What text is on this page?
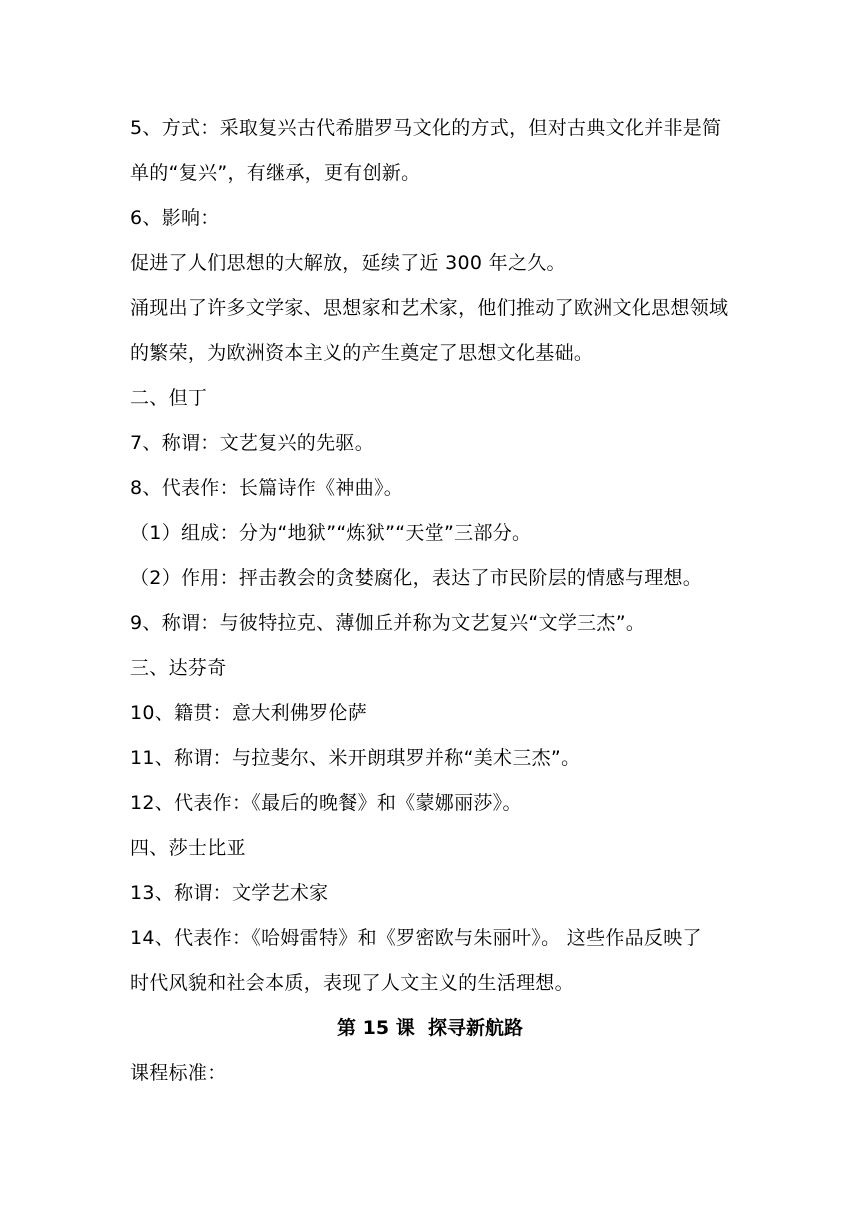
5、方式：采取复兴古代希腊罗马文化的方式，但对古典文化并非是简
单的“复兴”，有继承，更有创新。
6、影响：
促进了人们思想的大解放，延续了近 300 年之久。
涌现出了许多文学家、思想家和艺术家，他们推动了欧洲文化思想领域
的繁荣，为欧洲资本主义的产生奠定了思想文化基础。
二、但丁
7、称谓：文艺复兴的先驱。
8、代表作：长篇诗作《神曲》。
（1）组成：分为“地狱”“炼狱”“天堂”三部分。
（2）作用：抨击教会的贪婪腐化，表达了市民阶层的情感与理想。
9、称谓：与彼特拉克、薄伽丘并称为文艺复兴“文学三杰”。
三、达芬奇
10、籍贯：意大利佛罗伦萨
11、称谓：与拉斐尔、米开朗琪罗并称“美术三杰”。
12、代表作：《最后的晚餐》和《蒙娜丽莎》。
四、莎士比亚
13、称谓：文学艺术家
14、代表作：《哈姆雷特》和《罗密欧与朱丽叶》。 这些作品反映了
时代风貌和社会本质，表现了人文主义的生活理想。
第 15 课  探寻新航路
课程标准：
